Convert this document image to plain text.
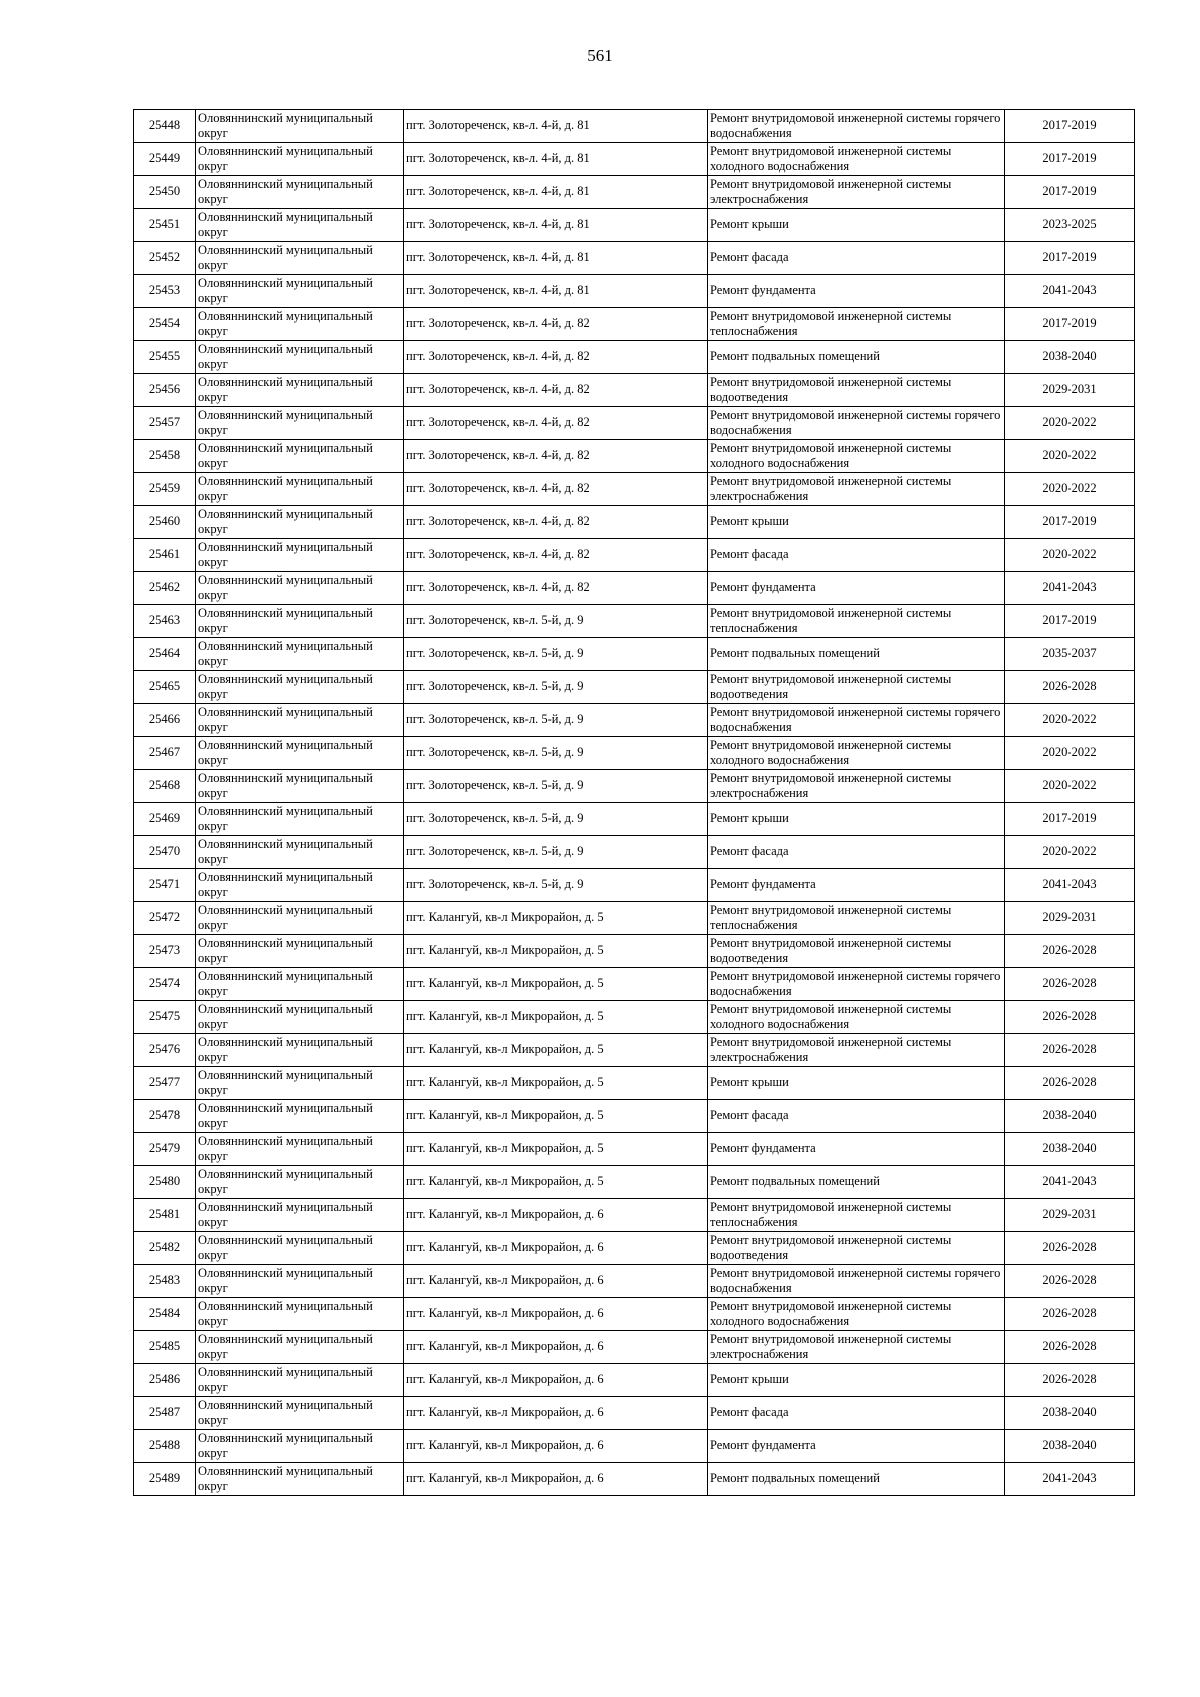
561
25448	Оловяннинский муниципальный округ	пгт. Золотореченск, кв-л. 4-й, д. 81	Ремонт внутридомовой инженерной системы горячего водоснабжения	2017-2019
25449	Оловяннинский муниципальный округ	пгт. Золотореченск, кв-л. 4-й, д. 81	Ремонт внутридомовой инженерной системы холодного водоснабжения	2017-2019
25450	Оловяннинский муниципальный округ	пгт. Золотореченск, кв-л. 4-й, д. 81	Ремонт внутридомовой инженерной системы электроснабжения	2017-2019
25451	Оловяннинский муниципальный округ	пгт. Золотореченск, кв-л. 4-й, д. 81	Ремонт крыши	2023-2025
25452	Оловяннинский муниципальный округ	пгт. Золотореченск, кв-л. 4-й, д. 81	Ремонт фасада	2017-2019
25453	Оловяннинский муниципальный округ	пгт. Золотореченск, кв-л. 4-й, д. 81	Ремонт фундамента	2041-2043
25454	Оловяннинский муниципальный округ	пгт. Золотореченск, кв-л. 4-й, д. 82	Ремонт внутридомовой инженерной системы теплоснабжения	2017-2019
25455	Оловяннинский муниципальный округ	пгт. Золотореченск, кв-л. 4-й, д. 82	Ремонт подвальных помещений	2038-2040
25456	Оловяннинский муниципальный округ	пгт. Золотореченск, кв-л. 4-й, д. 82	Ремонт внутридомовой инженерной системы водоотведения	2029-2031
25457	Оловяннинский муниципальный округ	пгт. Золотореченск, кв-л. 4-й, д. 82	Ремонт внутридомовой инженерной системы горячего водоснабжения	2020-2022
25458	Оловяннинский муниципальный округ	пгт. Золотореченск, кв-л. 4-й, д. 82	Ремонт внутридомовой инженерной системы холодного водоснабжения	2020-2022
25459	Оловяннинский муниципальный округ	пгт. Золотореченск, кв-л. 4-й, д. 82	Ремонт внутридомовой инженерной системы электроснабжения	2020-2022
25460	Оловяннинский муниципальный округ	пгт. Золотореченск, кв-л. 4-й, д. 82	Ремонт крыши	2017-2019
25461	Оловяннинский муниципальный округ	пгт. Золотореченск, кв-л. 4-й, д. 82	Ремонт фасада	2020-2022
25462	Оловяннинский муниципальный округ	пгт. Золотореченск, кв-л. 4-й, д. 82	Ремонт фундамента	2041-2043
25463	Оловяннинский муниципальный округ	пгт. Золотореченск, кв-л. 5-й, д. 9	Ремонт внутридомовой инженерной системы теплоснабжения	2017-2019
25464	Оловяннинский муниципальный округ	пгт. Золотореченск, кв-л. 5-й, д. 9	Ремонт подвальных помещений	2035-2037
25465	Оловяннинский муниципальный округ	пгт. Золотореченск, кв-л. 5-й, д. 9	Ремонт внутридомовой инженерной системы водоотведения	2026-2028
25466	Оловяннинский муниципальный округ	пгт. Золотореченск, кв-л. 5-й, д. 9	Ремонт внутридомовой инженерной системы горячего водоснабжения	2020-2022
25467	Оловяннинский муниципальный округ	пгт. Золотореченск, кв-л. 5-й, д. 9	Ремонт внутридомовой инженерной системы холодного водоснабжения	2020-2022
25468	Оловяннинский муниципальный округ	пгт. Золотореченск, кв-л. 5-й, д. 9	Ремонт внутридомовой инженерной системы электроснабжения	2020-2022
25469	Оловяннинский муниципальный округ	пгт. Золотореченск, кв-л. 5-й, д. 9	Ремонт крыши	2017-2019
25470	Оловяннинский муниципальный округ	пгт. Золотореченск, кв-л. 5-й, д. 9	Ремонт фасада	2020-2022
25471	Оловяннинский муниципальный округ	пгт. Золотореченск, кв-л. 5-й, д. 9	Ремонт фундамента	2041-2043
25472	Оловяннинский муниципальный округ	пгт. Калангуй, кв-л Микрорайон, д. 5	Ремонт внутридомовой инженерной системы теплоснабжения	2029-2031
25473	Оловяннинский муниципальный округ	пгт. Калангуй, кв-л Микрорайон, д. 5	Ремонт внутридомовой инженерной системы водоотведения	2026-2028
25474	Оловяннинский муниципальный округ	пгт. Калангуй, кв-л Микрорайон, д. 5	Ремонт внутридомовой инженерной системы горячего водоснабжения	2026-2028
25475	Оловяннинский муниципальный округ	пгт. Калангуй, кв-л Микрорайон, д. 5	Ремонт внутридомовой инженерной системы холодного водоснабжения	2026-2028
25476	Оловяннинский муниципальный округ	пгт. Калангуй, кв-л Микрорайон, д. 5	Ремонт внутридомовой инженерной системы электроснабжения	2026-2028
25477	Оловяннинский муниципальный округ	пгт. Калангуй, кв-л Микрорайон, д. 5	Ремонт крыши	2026-2028
25478	Оловяннинский муниципальный округ	пгт. Калангуй, кв-л Микрорайон, д. 5	Ремонт фасада	2038-2040
25479	Оловяннинский муниципальный округ	пгт. Калангуй, кв-л Микрорайон, д. 5	Ремонт фундамента	2038-2040
25480	Оловяннинский муниципальный округ	пгт. Калангуй, кв-л Микрорайон, д. 5	Ремонт подвальных помещений	2041-2043
25481	Оловяннинский муниципальный округ	пгт. Калангуй, кв-л Микрорайон, д. 6	Ремонт внутридомовой инженерной системы теплоснабжения	2029-2031
25482	Оловяннинский муниципальный округ	пгт. Калангуй, кв-л Микрорайон, д. 6	Ремонт внутридомовой инженерной системы водоотведения	2026-2028
25483	Оловяннинский муниципальный округ	пгт. Калангуй, кв-л Микрорайон, д. 6	Ремонт внутридомовой инженерной системы горячего водоснабжения	2026-2028
25484	Оловяннинский муниципальный округ	пгт. Калангуй, кв-л Микрорайон, д. 6	Ремонт внутридомовой инженерной системы холодного водоснабжения	2026-2028
25485	Оловяннинский муниципальный округ	пгт. Калангуй, кв-л Микрорайон, д. 6	Ремонт внутридомовой инженерной системы электроснабжения	2026-2028
25486	Оловяннинский муниципальный округ	пгт. Калангуй, кв-л Микрорайон, д. 6	Ремонт крыши	2026-2028
25487	Оловяннинский муниципальный округ	пгт. Калангуй, кв-л Микрорайон, д. 6	Ремонт фасада	2038-2040
25488	Оловяннинский муниципальный округ	пгт. Калангуй, кв-л Микрорайон, д. 6	Ремонт фундамента	2038-2040
25489	Оловяннинский муниципальный округ	пгт. Калангуй, кв-л Микрорайон, д. 6	Ремонт подвальных помещений	2041-2043
